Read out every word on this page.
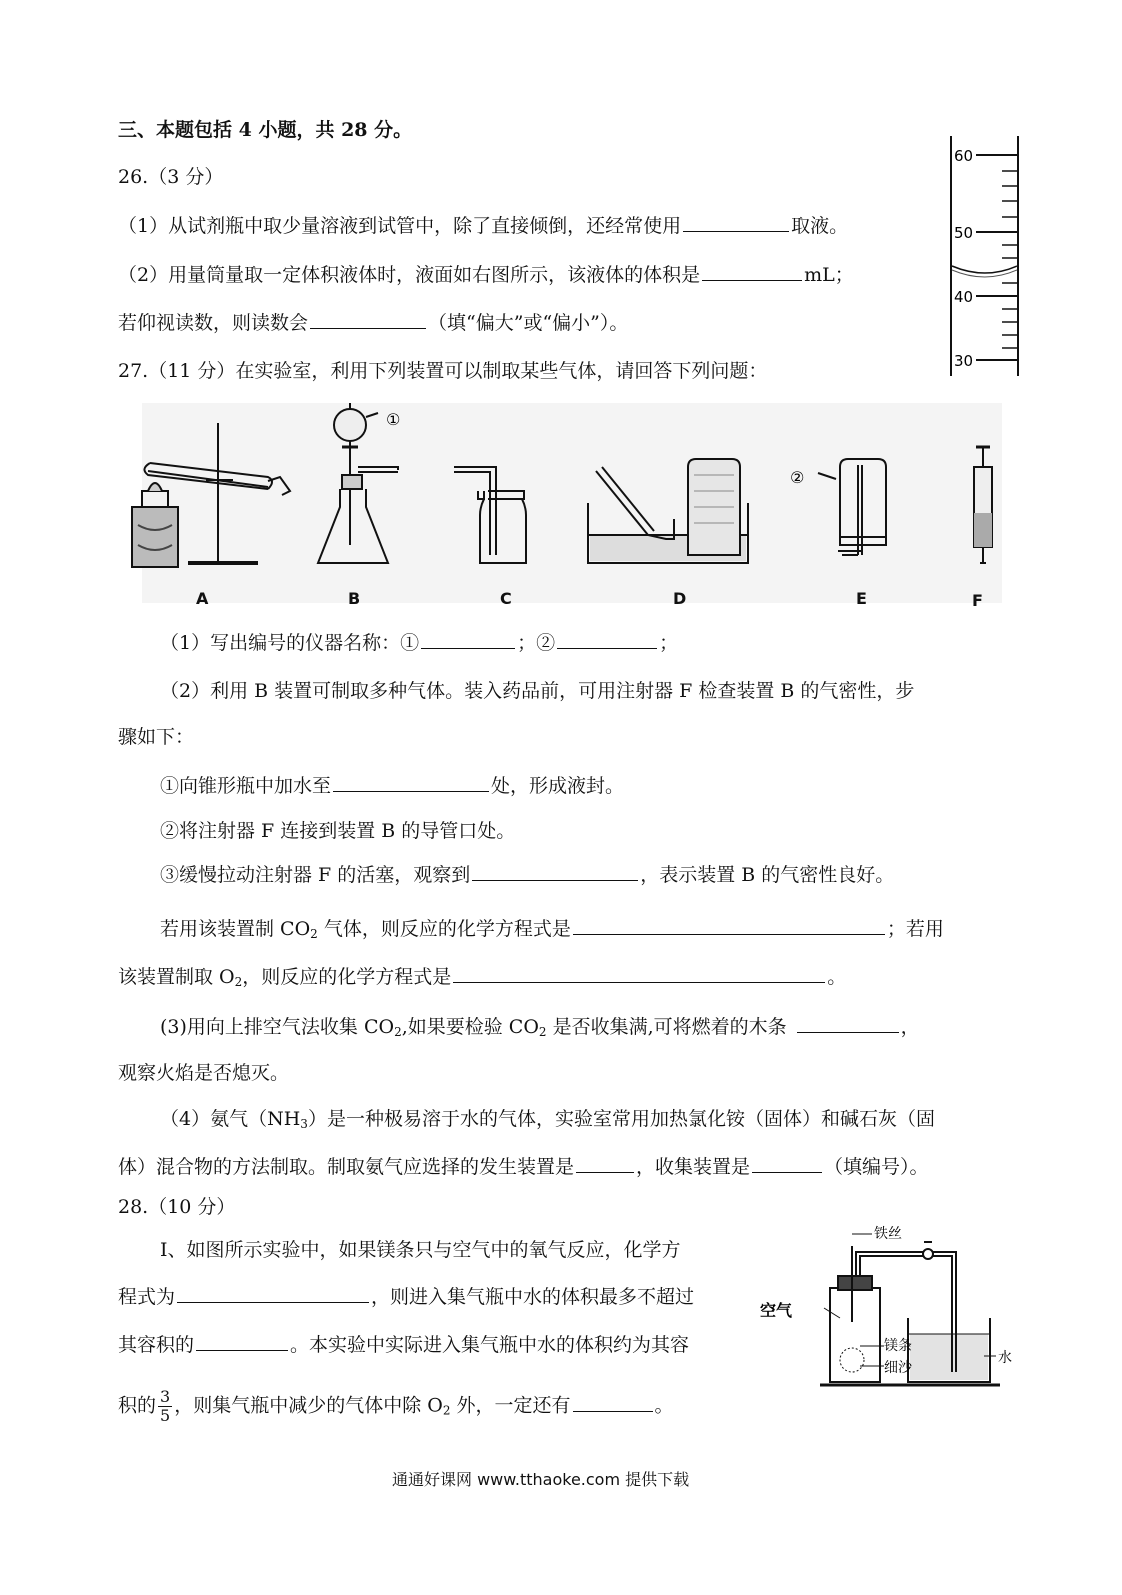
三、本题包括 4 小题，共 28 分。
26.（3 分）
（1）从试剂瓶中取少量溶液到试管中，除了直接倾倒，还经常使用	取液。
（2）用量筒量取一定体积液体时，液面如右图所示，该液体的体积是	mL；
若仰视读数，则读数会	（填“偏大”或“偏小”）。
60
50
40
30
27.（11 分）在实验室，利用下列装置可以制取某些气体，请回答下列问题：
①
②
A	B	C	D	E	F
（1）写出编号的仪器名称：①	；②	；
（2）利用 B 装置可制取多种气体。装入药品前，可用注射器 F 检查装置 B 的气密性，步
骤如下：
①向锥形瓶中加水至	处，形成液封。
②将注射器 F 连接到装置 B 的导管口处。
③缓慢拉动注射器 F 的活塞，观察到	，表示装置 B 的气密性良好。
若用该装置制 $CO_2$ 气体，则反应的化学方程式是	；若用
该装置制取 $O_2$，则反应的化学方程式是	。
(3)用向上排空气法收集 $CO_2$,如果要检验 $CO_2$ 是否收集满,可将燃着的木条	，
观察火焰是否熄灭。
（4）氨气$(NH_3)$是一种极易溶于水的气体，实验室常用加热氯化铵（固体）和碱石灰（固
体）混合物的方法制取。制取氨气应选择的发生装置是	，收集装置是	（填编号）。
28.（10 分）
I、如图所示实验中，如果镁条只与空气中的氧气反应，化学方
程式为	，则进入集气瓶中水的体积最多不超过
其容积的	。本实验中实际进入集气瓶中水的体积约为其容
积的 $\frac{3}{5}$ ，则集气瓶中减少的气体中除 $O_2$ 外，一定还有	。
铁丝
空气
镁条
细沙
水
通通好课网 www.tthaoke.com 提供下载
